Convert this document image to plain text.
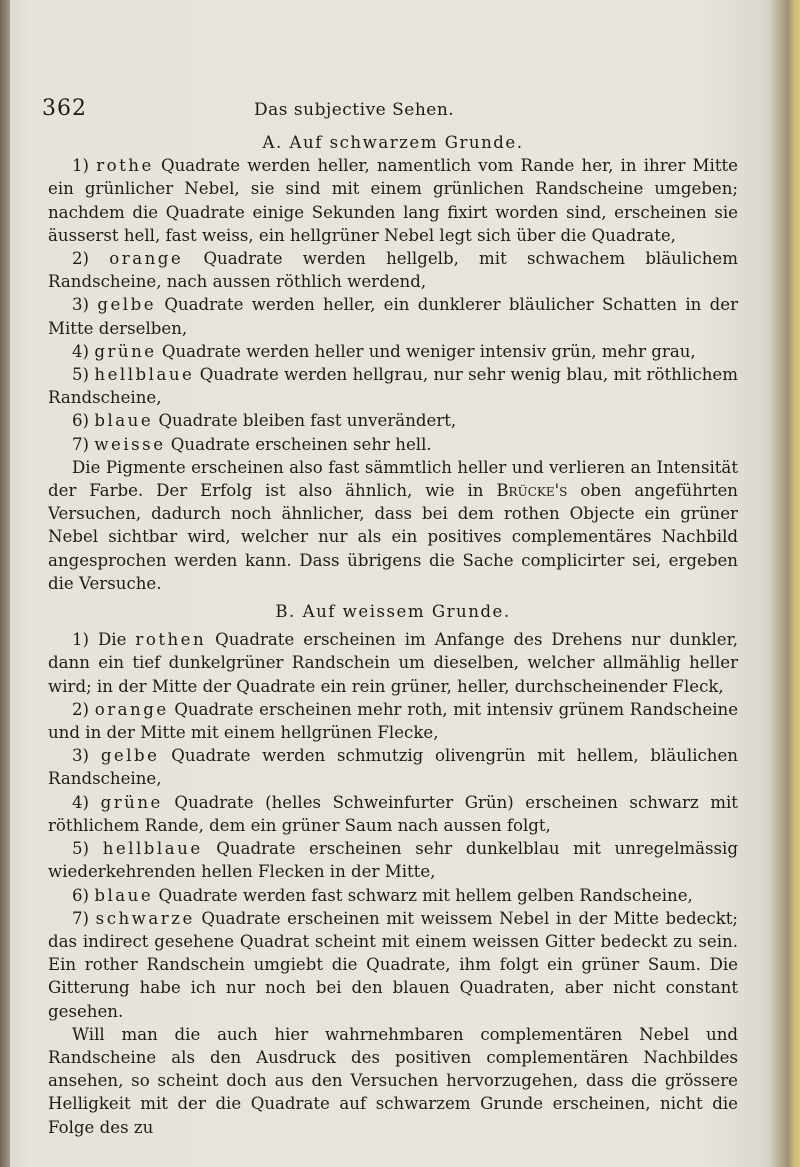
362	Das subjective Sehen.

A. Auf schwarzem Grunde.

1) rothe Quadrate werden heller, namentlich vom Rande her, in ihrer Mitte ein grünlicher Nebel, sie sind mit einem grünlichen Randscheine umgeben; nachdem die Quadrate einige Sekunden lang fixirt worden sind, erscheinen sie äusserst hell, fast weiss, ein hellgrüner Nebel legt sich über die Quadrate,

2) orange Quadrate werden hellgelb, mit schwachem bläulichem Randscheine, nach aussen röthlich werdend,

3) gelbe Quadrate werden heller, ein dunklerer bläulicher Schatten in der Mitte derselben,

4) grüne Quadrate werden heller und weniger intensiv grün, mehr grau,

5) hellblaue Quadrate werden hellgrau, nur sehr wenig blau, mit röthlichem Randscheine,

6) blaue Quadrate bleiben fast unverändert,

7) weisse Quadrate erscheinen sehr hell.

Die Pigmente erscheinen also fast sämmtlich heller und verlieren an Intensität der Farbe. Der Erfolg ist also ähnlich, wie in Brücke's oben angeführten Versuchen, dadurch noch ähnlicher, dass bei dem rothen Objecte ein grüner Nebel sichtbar wird, welcher nur als ein positives complementäres Nachbild angesprochen werden kann. Dass übrigens die Sache complicirter sei, ergeben die Versuche.

B. Auf weissem Grunde.

1) Die rothen Quadrate erscheinen im Anfange des Drehens nur dunkler, dann ein tief dunkelgrüner Randschein um dieselben, welcher allmählig heller wird; in der Mitte der Quadrate ein rein grüner, heller, durchscheinender Fleck,

2) orange Quadrate erscheinen mehr roth, mit intensiv grünem Randscheine und in der Mitte mit einem hellgrünen Flecke,

3) gelbe Quadrate werden schmutzig olivengrün mit hellem, bläulichen Randscheine,

4) grüne Quadrate (helles Schweinfurter Grün) erscheinen schwarz mit röthlichem Rande, dem ein grüner Saum nach aussen folgt,

5) hellblaue Quadrate erscheinen sehr dunkelblau mit unregelmässig wiederkehrenden hellen Flecken in der Mitte,

6) blaue Quadrate werden fast schwarz mit hellem gelben Randscheine,

7) schwarze Quadrate erscheinen mit weissem Nebel in der Mitte bedeckt; das indirect gesehene Quadrat scheint mit einem weissen Gitter bedeckt zu sein. Ein rother Randschein umgiebt die Quadrate, ihm folgt ein grüner Saum. Die Gitterung habe ich nur noch bei den blauen Quadraten, aber nicht constant gesehen.

Will man die auch hier wahrnehmbaren complementären Nebel und Randscheine als den Ausdruck des positiven complementären Nachbildes ansehen, so scheint doch aus den Versuchen hervorzugehen, dass die grössere Helligkeit mit der die Quadrate auf schwarzem Grunde erscheinen, nicht die Folge des zu
